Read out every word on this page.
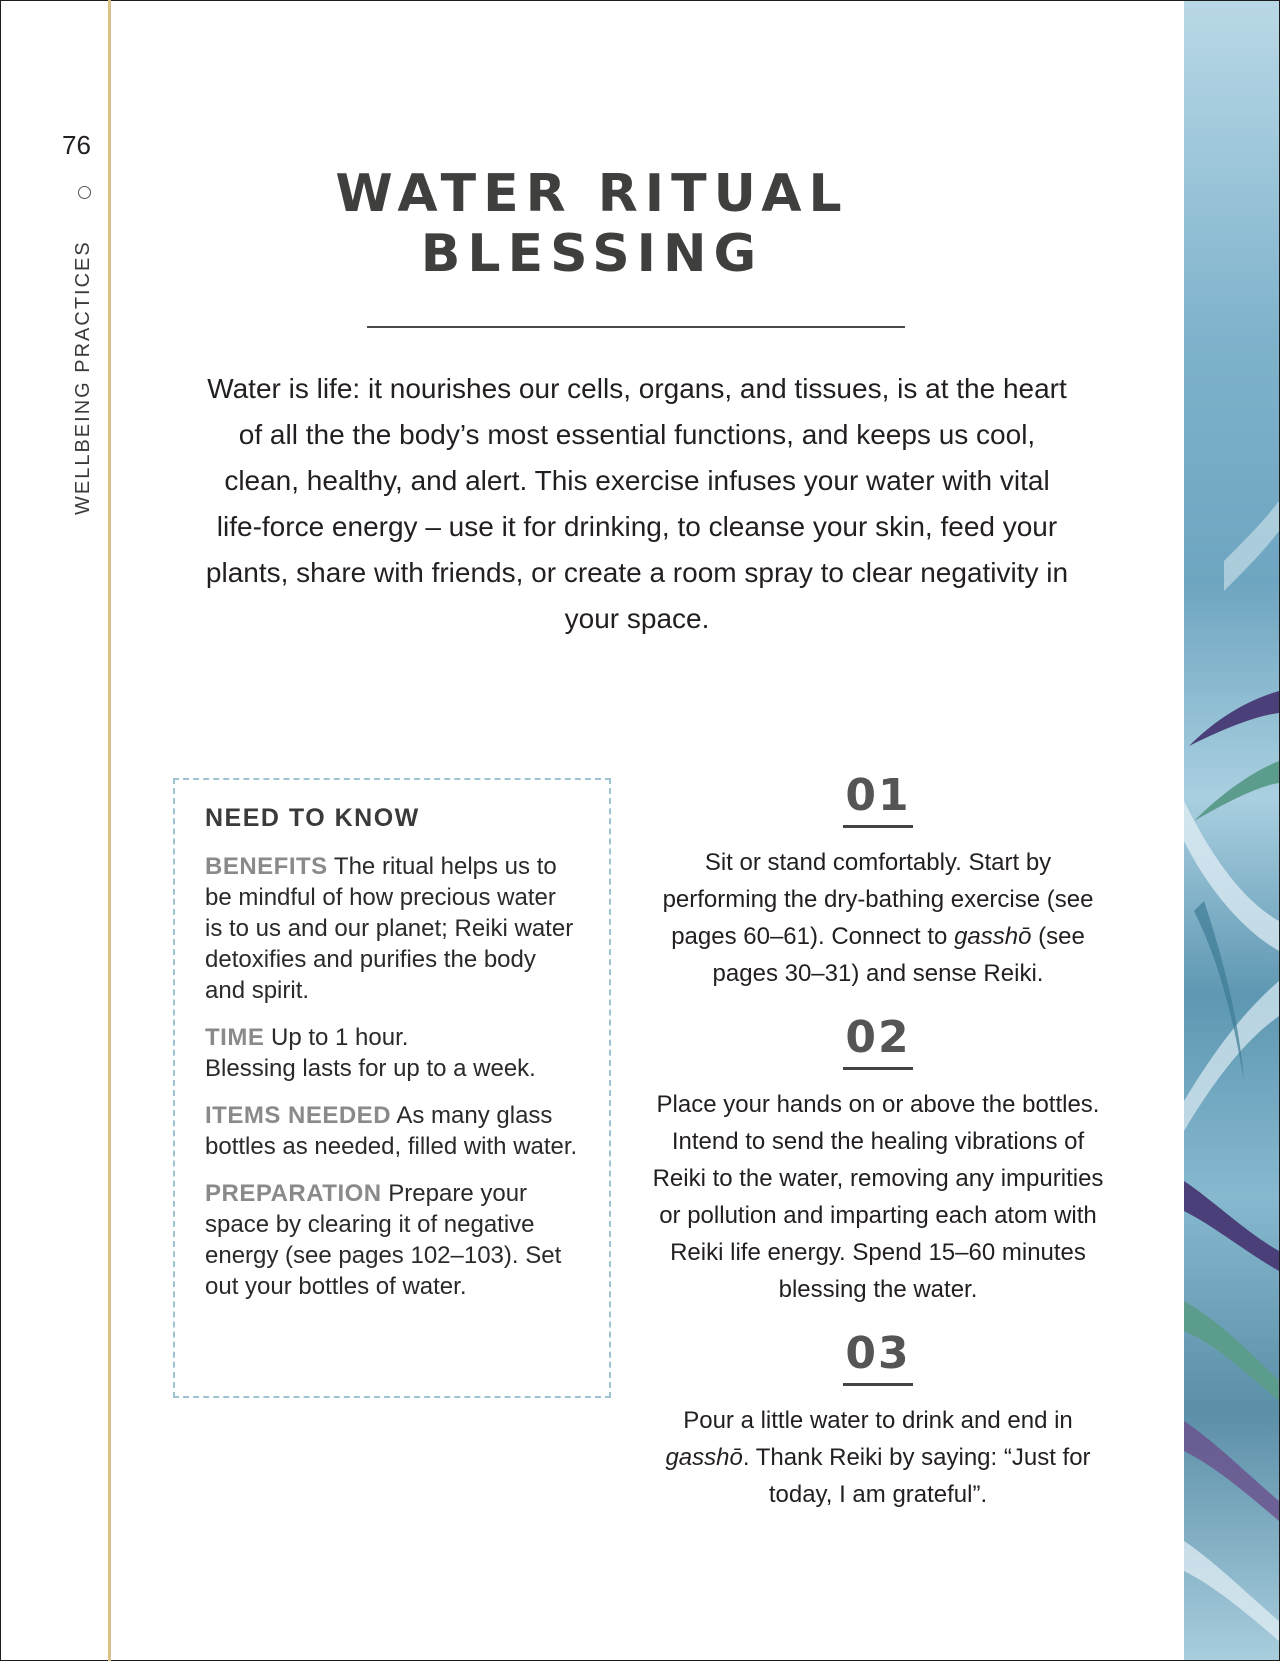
76
WELLBEING PRACTICES
WATER RITUAL
BLESSING
Water is life: it nourishes our cells, organs, and tissues, is at the heart of all the the body’s most essential functions, and keeps us cool, clean, healthy, and alert. This exercise infuses your water with vital life-force energy – use it for drinking, to cleanse your skin, feed your plants, share with friends, or create a room spray to clear negativity in your space.
NEED TO KNOW
BENEFITS The ritual helps us to be mindful of how precious water is to us and our planet; Reiki water detoxifies and purifies the body and spirit.
TIME Up to 1 hour.
Blessing lasts for up to a week.
ITEMS NEEDED As many glass bottles as needed, filled with water.
PREPARATION Prepare your space by clearing it of negative energy (see pages 102–103). Set out your bottles of water.
01
Sit or stand comfortably. Start by performing the dry-bathing exercise (see pages 60–61). Connect to gasshō (see pages 30–31) and sense Reiki.
02
Place your hands on or above the bottles. Intend to send the healing vibrations of Reiki to the water, removing any impurities or pollution and imparting each atom with Reiki life energy. Spend 15–60 minutes blessing the water.
03
Pour a little water to drink and end in gasshō. Thank Reiki by saying: “Just for today, I am grateful”.
